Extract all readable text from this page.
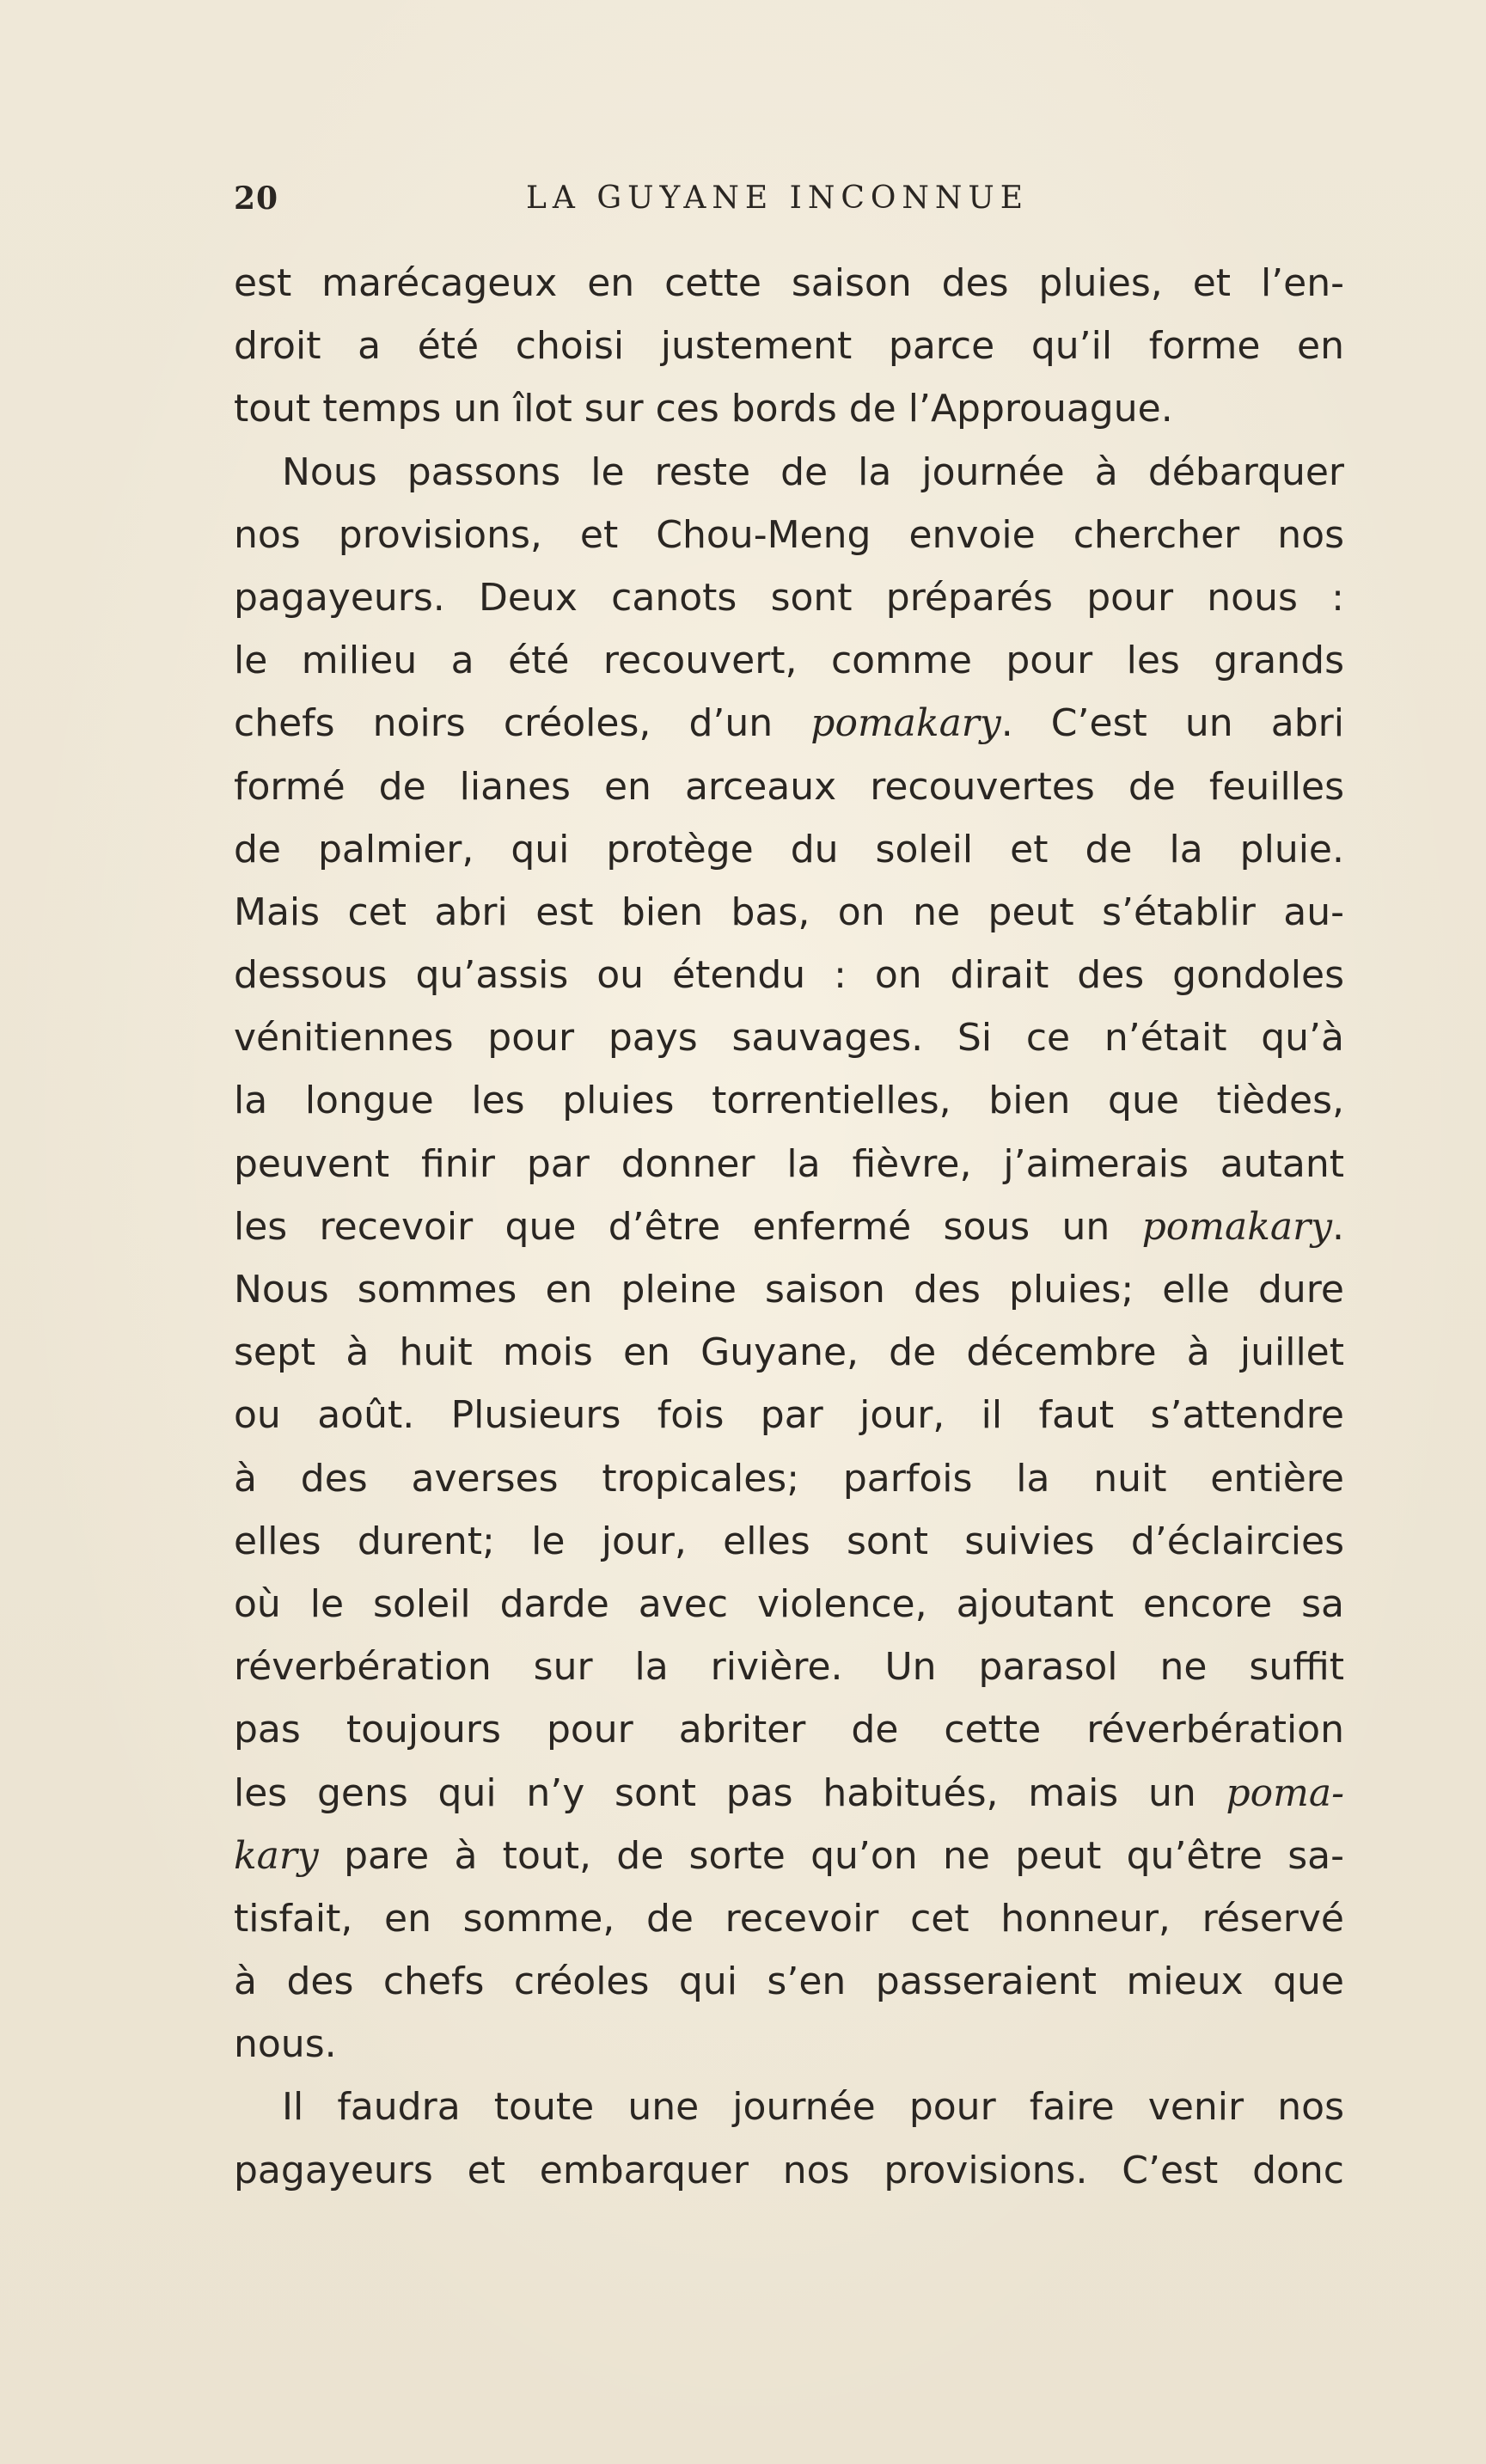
20	LA GUYANE INCONNUE
est marécageux en cette saison des pluies, et l’en-
droit a été choisi justement parce qu’il forme en
tout temps un îlot sur ces bords de l’Approuague.
Nous passons le reste de la journée à débarquer
nos provisions, et Chou-Meng envoie chercher nos
pagayeurs. Deux canots sont préparés pour nous :
le milieu a été recouvert, comme pour les grands
chefs noirs créoles, d’un pomakary. C’est un abri
formé de lianes en arceaux recouvertes de feuilles
de palmier, qui protège du soleil et de la pluie.
Mais cet abri est bien bas, on ne peut s’établir au-
dessous qu’assis ou étendu : on dirait des gondoles
vénitiennes pour pays sauvages. Si ce n’était qu’à
la longue les pluies torrentielles, bien que tièdes,
peuvent finir par donner la fièvre, j’aimerais autant
les recevoir que d’être enfermé sous un pomakary.
Nous sommes en pleine saison des pluies; elle dure
sept à huit mois en Guyane, de décembre à juillet
ou août. Plusieurs fois par jour, il faut s’attendre
à des averses tropicales; parfois la nuit entière
elles durent; le jour, elles sont suivies d’éclaircies
où le soleil darde avec violence, ajoutant encore sa
réverbération sur la rivière. Un parasol ne suffit
pas toujours pour abriter de cette réverbération
les gens qui n’y sont pas habitués, mais un poma-
kary pare à tout, de sorte qu’on ne peut qu’être sa-
tisfait, en somme, de recevoir cet honneur, réservé
à des chefs créoles qui s’en passeraient mieux que
nous.
Il faudra toute une journée pour faire venir nos
pagayeurs et embarquer nos provisions. C’est donc
